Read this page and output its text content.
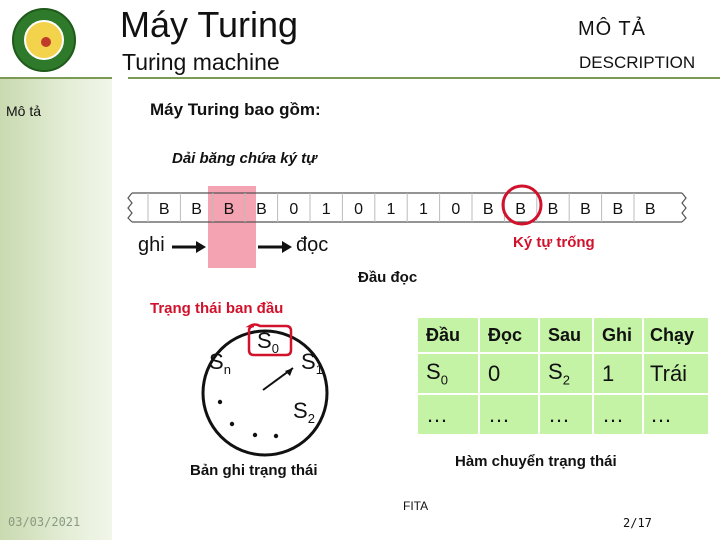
Máy Turing
Turing machine
MÔ TẢ
DESCRIPTION
Mô tả	Máy Turing bao gồm:
Dải băng chứa ký tự
B B B B 0 1 0 1 1 0 B B B B B B
$S_0$
$S_n$	$S_1$
$S_2$
ghi	đọc	Ký tự trống
Đầu đọc
Trạng thái ban đầu
Bản ghi trạng thái
Hàm chuyển trạng thái
Đầu	Đọc	Sau	Ghi	Chạy
$S_0$	0	$S_2$	1	Trái
…	…	…	…	…
03/03/2021
FITA
2/17
